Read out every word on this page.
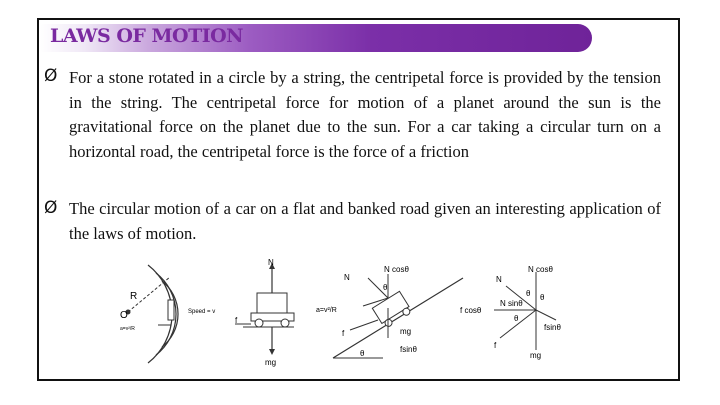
LAWS OF MOTION
Ø For a stone rotated in a circle by a string, the centripetal force is provided by the tension in the string. The centripetal force for motion of a planet around the sun is the gravitational force on the planet due to the sun. For a car taking a circular turn on a horizontal road, the centripetal force is the force of a friction
Ø The circular motion of a car on a flat and banked road given an interesting application of the laws of motion.
R
O
a=v²/R
Speed = v
N
f
mg
N
N cosθ
θ
a=v²/R
f	mg
fsinθ
θ
N
N cosθ
θ
f cosθ
N sinθ
θ
θ
fsinθ
f
mg
